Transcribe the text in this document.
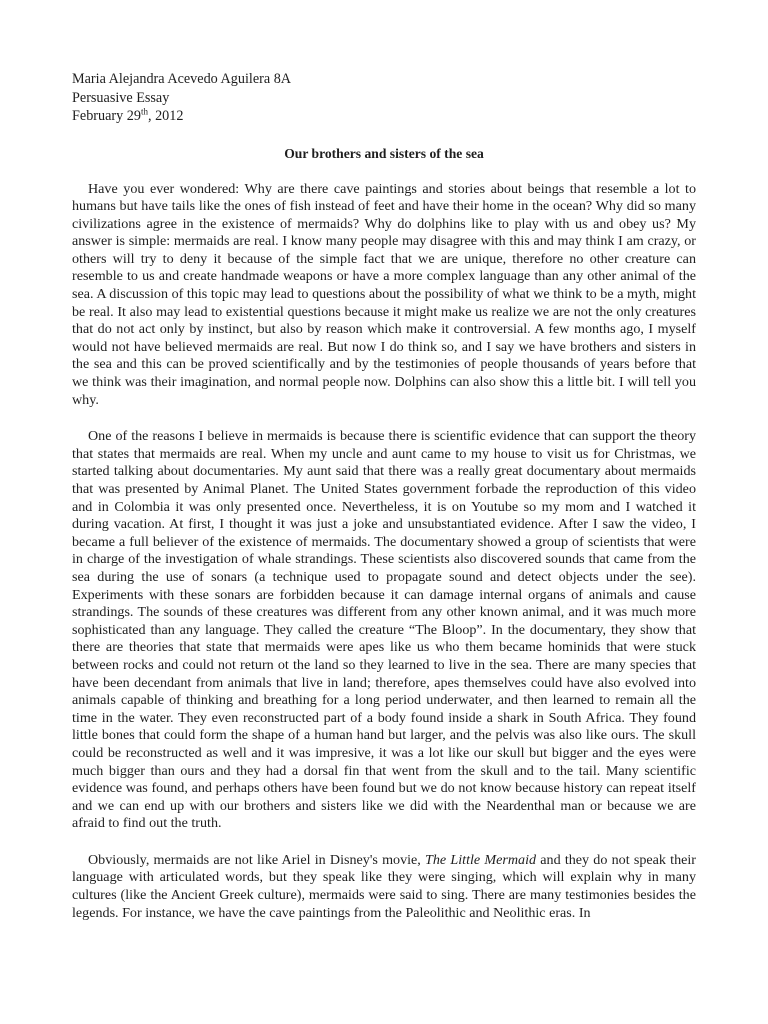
Maria Alejandra Acevedo Aguilera 8A

Persuasive Essay

February 29th, 2012

Our brothers and sisters of the sea

Have you ever wondered: Why are there cave paintings and stories about beings that resemble a lot to humans but have tails like the ones of fish instead of feet and have their home in the ocean? Why did so many civilizations agree in the existence of mermaids? Why do dolphins like to play with us and obey us? My answer is simple: mermaids are real. I know many people may disagree with this and may think I am crazy, or others will try to deny it because of the simple fact that we are unique, therefore no other creature can resemble to us and create handmade weapons or have a more complex language than any other animal of the sea. A discussion of this topic may lead to questions about the possibility of what we think to be a myth, might be real. It also may lead to existential questions because it might make us realize we are not the only creatures that do not act only by instinct, but also by reason which make it controversial. A few months ago, I myself would not have believed mermaids are real. But now I do think so, and I say we have brothers and sisters in the sea and this can be proved scientifically and by the testimonies of people thousands of years before that we think was their imagination, and normal people now. Dolphins can also show this a little bit. I will tell you why.

One of the reasons I believe in mermaids is because there is scientific evidence that can support the theory that states that mermaids are real. When my uncle and aunt came to my house to visit us for Christmas, we started talking about documentaries. My aunt said that there was a really great documentary about mermaids that was presented by Animal Planet. The United States government forbade the reproduction of this video and in Colombia it was only presented once. Nevertheless, it is on Youtube so my mom and I watched it during vacation. At first, I thought it was just a joke and unsubstantiated evidence. After I saw the video, I became a full believer of the existence of mermaids. The documentary showed a group of scientists that were in charge of the investigation of whale strandings. These scientists also discovered sounds that came from the sea during the use of sonars (a technique used to propagate sound and detect objects under the see). Experiments with these sonars are forbidden because it can damage internal organs of animals and cause strandings. The sounds of these creatures was different from any other known animal, and it was much more sophisticated than any language. They called the creature “The Bloop”. In the documentary, they show that there are theories that state that mermaids were apes like us who them became hominids that were stuck between rocks and could not return ot the land so they learned to live in the sea. There are many species that have been decendant from animals that live in land; therefore, apes themselves could have also evolved into animals capable of thinking and breathing for a long period underwater, and then learned to remain all the time in the water. They even reconstructed part of a body found inside a shark in South Africa. They found little bones that could form the shape of a human hand but larger, and the pelvis was also like ours. The skull could be reconstructed as well and it was impresive, it was a lot like our skull but bigger and the eyes were much bigger than ours and they had a dorsal fin that went from the skull and to the tail. Many scientific evidence was found, and perhaps others have been found but we do not know because history can repeat itself and we can end up with our brothers and sisters like we did with the Neardenthal man or because we are afraid to find out the truth.

Obviously, mermaids are not like Ariel in Disney's movie, The Little Mermaid and they do not speak their language with articulated words, but they speak like they were singing, which will explain why in many cultures (like the Ancient Greek culture), mermaids were said to sing. There are many testimonies besides the legends. For instance, we have the cave paintings from the Paleolithic and Neolithic eras. In
